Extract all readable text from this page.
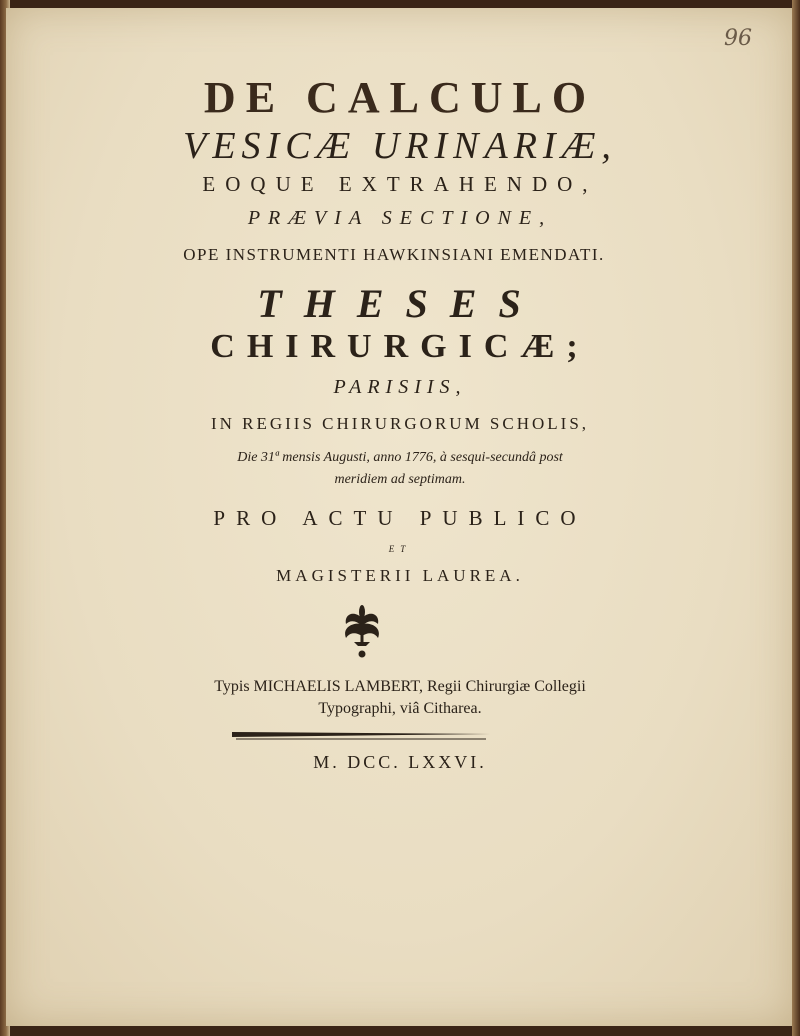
96
DE CALCULO
VESICÆ URINARIÆ,
EOQUE EXTRAHENDO,
PRÆVIA SECTIONE,
OPE INSTRUMENTI HAWKINSIANI EMENDATI.
THESES
CHIRURGICÆ;
PARISIIS,
IN REGIIS CHIRURGORUM SCHOLIS,
Die 31ª mensis Augusti, anno 1776, à sesqui-secundâ post
meridiem ad septimam.
PRO ACTU PUBLICO
ET
MAGISTERII LAUREA.
Typis MICHAELIS LAMBERT, Regii Chirurgiæ Collegii
Typographi, viâ Citharea.
M. DCC. LXXVI.
